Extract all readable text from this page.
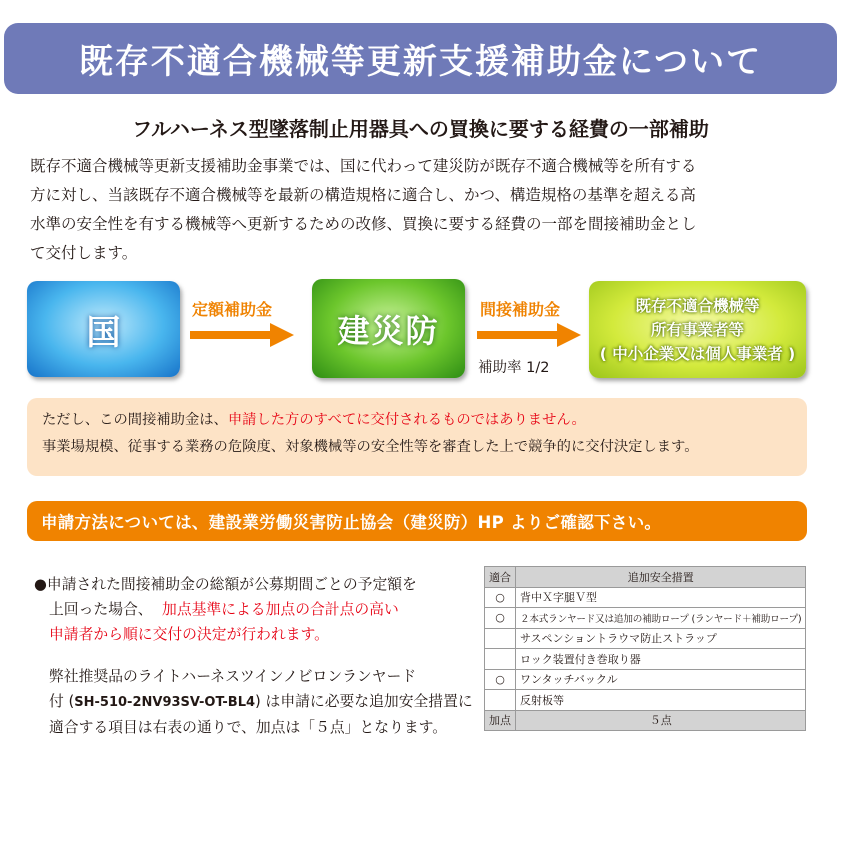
既存不適合機械等更新支援補助金について
フルハーネス型墜落制止用器具への買換に要する経費の一部補助
既存不適合機械等更新支援補助金事業では、国に代わって建災防が既存不適合機械等を所有する
方に対し、当該既存不適合機械等を最新の構造規格に適合し、かつ、構造規格の基準を超える高
水準の安全性を有する機械等へ更新するための改修、買換に要する経費の一部を間接補助金とし
て交付します。
国
定額補助金
建災防
間接補助金
補助率 1/2
既存不適合機械等
所有事業者等
( 中小企業又は個人事業者 )
ただし、この間接補助金は、申請した方のすべてに交付されるものではありません。
事業場規模、従事する業務の危険度、対象機械等の安全性等を審査した上で競争的に交付決定します。
申請方法については、建設業労働災害防止協会（建災防）HP よりご確認下さい。
●申請された間接補助金の総額が公募期間ごとの予定額を
上回った場合、 加点基準による加点の合計点の高い
申請者から順に交付の決定が行われます。
弊社推奨品のライトハーネスツインノビロンランヤード
付 (SH-510-2NV93SV-OT-BL4) は申請に必要な追加安全措置に
適合する項目は右表の通りで、加点は「５点」となります。
適合	追加安全措置
○	背中Ｘ字腿Ｖ型
○	２本式ランヤード又は追加の補助ロープ (ランヤード＋補助ロープ)
	サスペンショントラウマ防止ストラップ
	ロック装置付き巻取り器
○	ワンタッチバックル
	反射板等
加点	５点
